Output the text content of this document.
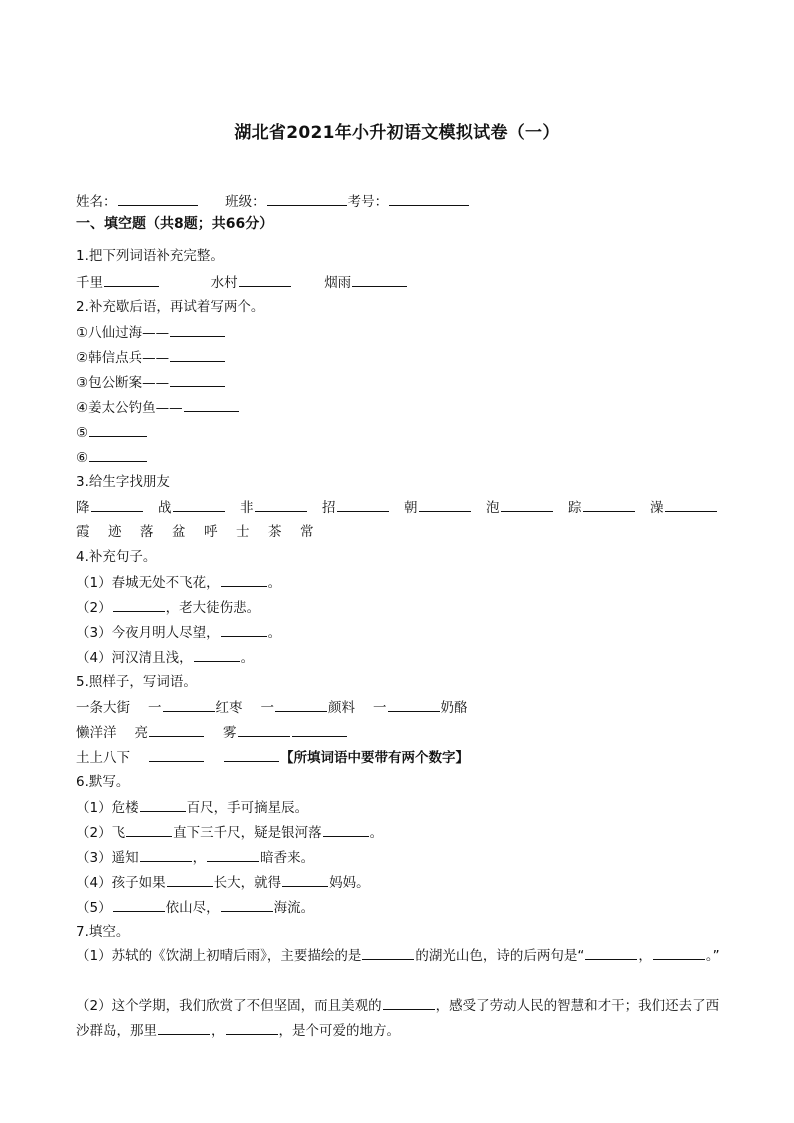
湖北省2021年小升初语文模拟试卷（一）
姓名：	班级：	考号：
一、填空题（共8题；共66分）
1.把下列词语补充完整。
千里	水村	烟雨
2.补充歇后语，再试着写两个。
①八仙过海——
②韩信点兵——
③包公断案——
④姜太公钓鱼——
⑤
⑥
3.给生字找朋友
降	战	非	招	朝	泡	踪	澡
霞 迹 落 盆 呼 士 茶 常
4.补充句子。
（1）春城无处不飞花，	。
（2）	，老大徒伤悲。
（3）今夜月明人尽望，	。
（4）河汉清且浅，	。
5.照样子，写词语。
一条大街 一	红枣 一	颜料 一	奶酪
懒洋洋 亮	雾
土上八下	【所填词语中要带有两个数字】
6.默写。
（1）危楼	百尺，手可摘星辰。
（2）飞	直下三千尺，疑是银河落	。
（3）遥知	，	暗香来。
（4）孩子如果	长大，就得	妈妈。
（5）	依山尽，	海流。
7.填空。
（1）苏轼的《饮湖上初晴后雨》，主要描绘的是	的湖光山色，诗的后两句是“	，	。”
（2）这个学期，我们欣赏了不但坚固，而且美观的	，感受了劳动人民的智慧和才干；我们还去了西沙群岛，那里	，	，是个可爱的地方。
